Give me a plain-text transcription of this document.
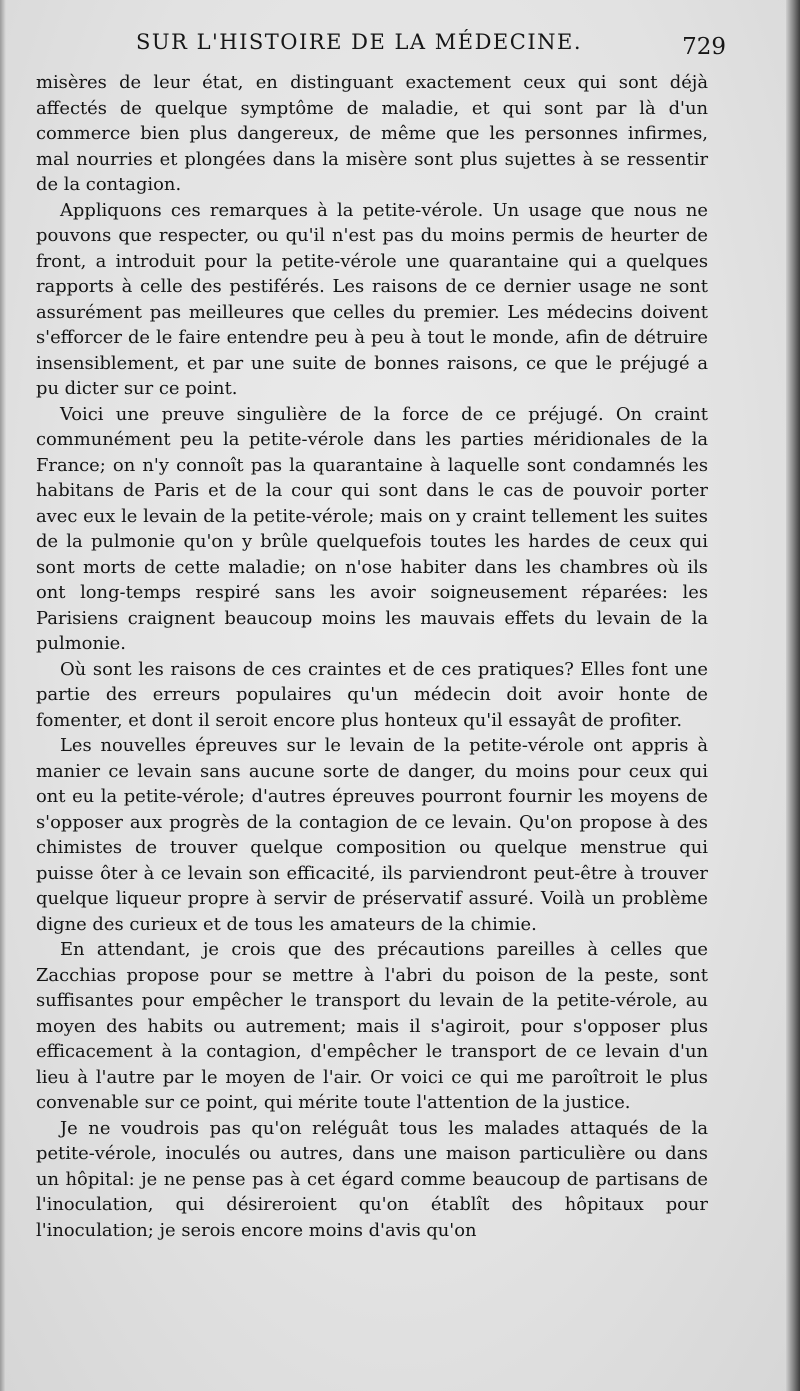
SUR L'HISTOIRE DE LA MÉDECINE.	729

misères de leur état, en distinguant exactement ceux qui sont déjà affectés de quelque symptôme de maladie, et qui sont par là d'un commerce bien plus dangereux, de même que les personnes infirmes, mal nourries et plongées dans la misère sont plus sujettes à se ressentir de la contagion.

Appliquons ces remarques à la petite-vérole. Un usage que nous ne pouvons que respecter, ou qu'il n'est pas du moins permis de heurter de front, a introduit pour la petite-vérole une quarantaine qui a quelques rapports à celle des pestiférés. Les raisons de ce dernier usage ne sont assurément pas meilleures que celles du premier. Les médecins doivent s'efforcer de le faire entendre peu à peu à tout le monde, afin de détruire insensiblement, et par une suite de bonnes raisons, ce que le préjugé a pu dicter sur ce point.

Voici une preuve singulière de la force de ce préjugé. On craint communément peu la petite-vérole dans les parties méridionales de la France; on n'y connoît pas la quarantaine à laquelle sont condamnés les habitans de Paris et de la cour qui sont dans le cas de pouvoir porter avec eux le levain de la petite-vérole; mais on y craint tellement les suites de la pulmonie qu'on y brûle quelquefois toutes les hardes de ceux qui sont morts de cette maladie; on n'ose habiter dans les chambres où ils ont long-temps respiré sans les avoir soigneusement réparées: les Parisiens craignent beaucoup moins les mauvais effets du levain de la pulmonie.

Où sont les raisons de ces craintes et de ces pratiques? Elles font une partie des erreurs populaires qu'un médecin doit avoir honte de fomenter, et dont il seroit encore plus honteux qu'il essayât de profiter.

Les nouvelles épreuves sur le levain de la petite-vérole ont appris à manier ce levain sans aucune sorte de danger, du moins pour ceux qui ont eu la petite-vérole; d'autres épreuves pourront fournir les moyens de s'opposer aux progrès de la contagion de ce levain. Qu'on propose à des chimistes de trouver quelque composition ou quelque menstrue qui puisse ôter à ce levain son efficacité, ils parviendront peut-être à trouver quelque liqueur propre à servir de préservatif assuré. Voilà un problème digne des curieux et de tous les amateurs de la chimie.

En attendant, je crois que des précautions pareilles à celles que Zacchias propose pour se mettre à l'abri du poison de la peste, sont suffisantes pour empêcher le transport du levain de la petite-vérole, au moyen des habits ou autrement; mais il s'agiroit, pour s'opposer plus efficacement à la contagion, d'empêcher le transport de ce levain d'un lieu à l'autre par le moyen de l'air. Or voici ce qui me paroîtroit le plus convenable sur ce point, qui mérite toute l'attention de la justice.

Je ne voudrois pas qu'on reléguât tous les malades attaqués de la petite-vérole, inoculés ou autres, dans une maison particulière ou dans un hôpital: je ne pense pas à cet égard comme beaucoup de partisans de l'inoculation, qui désireroient qu'on établît des hôpitaux pour l'inoculation; je serois encore moins d'avis qu'on
